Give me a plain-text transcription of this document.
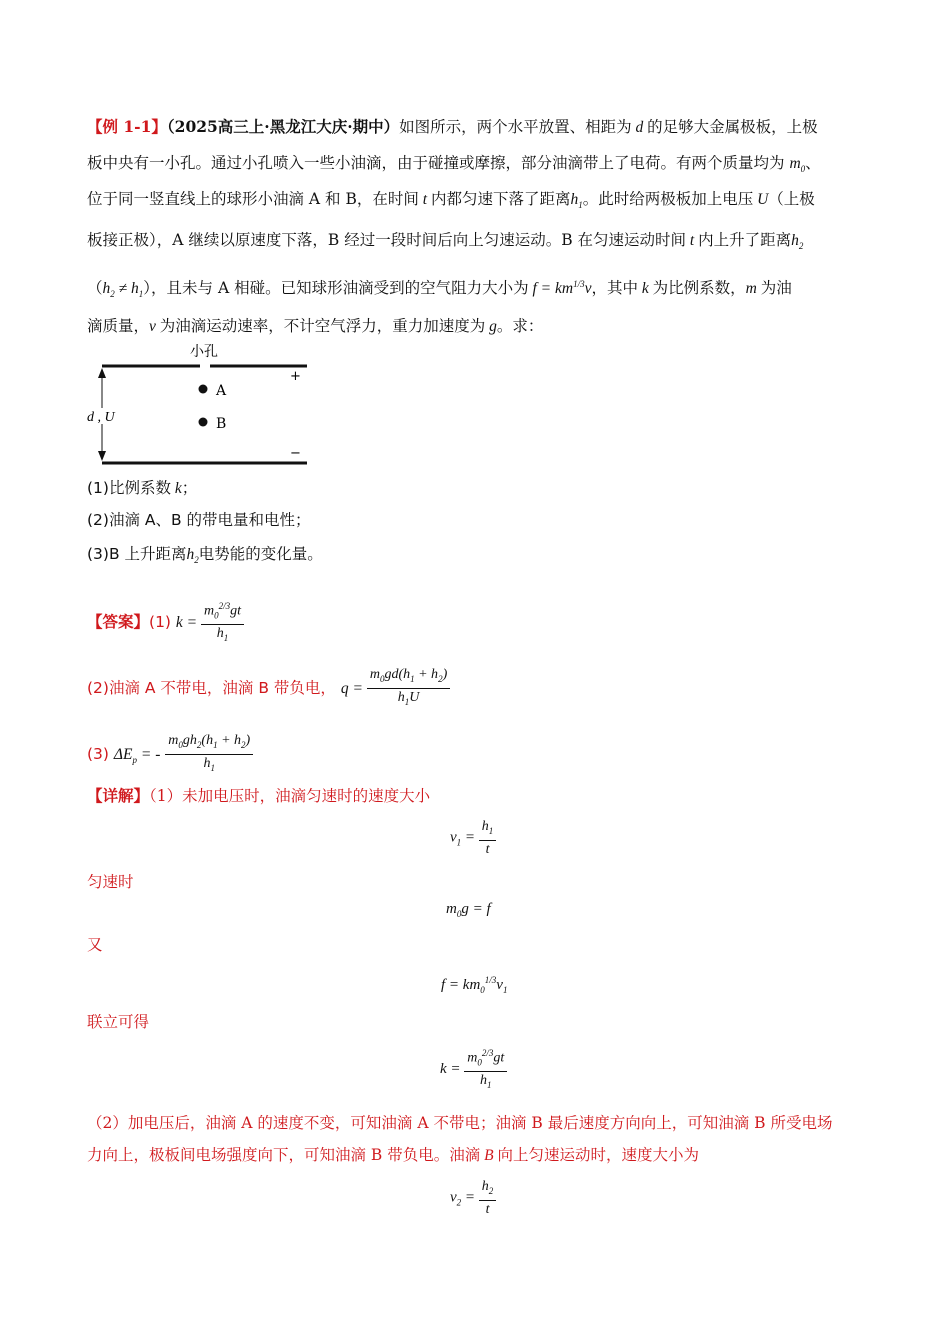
【例 1-1】（2025高三上·黑龙江大庆·期中）如图所示，两个水平放置、相距为 d 的足够大金属极板，上极
板中央有一小孔。通过小孔喷入一些小油滴，由于碰撞或摩擦，部分油滴带上了电荷。有两个质量均为 $m_0$、
位于同一竖直线上的球形小油滴 A 和 B，在时间 t 内都匀速下落了距离$h_1$。此时给两极板加上电压 U（上极
板接正极），A 继续以原速度下落，B 经过一段时间后向上匀速运动。B 在匀速运动时间 t 内上升了距离$h_2$
$(h_2 \ne h_1)$，且未与 A 相碰。已知球形油滴受到的空气阻力大小为 $f = km^{1/3}v$，其中 k 为比例系数，m 为油
滴质量，v 为油滴运动速率，不计空气浮力，重力加速度为 g。求：
小孔
+
−
A
B
d , U
(1)比例系数 k；
(2)油滴 A、B 的带电量和电性；
(3)B 上升距离$h_2$电势能的变化量。
【答案】(1) $k = \frac{m_0^{2/3}gt}{h_1}$
(2)油滴 A 不带电，油滴 B 带负电， $q = \frac{m_0gd(h_1 + h_2)}{h_1U}$
(3) $\Delta E_p$ = - $\frac{m_0gh_2(h_1 + h_2)}{h_1}$
【详解】（1）未加电压时，油滴匀速时的速度大小
$v_1 = \frac{h_1}{t}$
匀速时
$m_0g = f$
又
$f = km_0^{1/3}v_1$
联立可得
$k = \frac{m_0^{2/3}gt}{h_1}$
（2）加电压后，油滴 A 的速度不变，可知油滴 A 不带电；油滴 B 最后速度方向向上，可知油滴 B 所受电场
力向上，极板间电场强度向下，可知油滴 B 带负电。油滴 B 向上匀速运动时，速度大小为
$v_2 = \frac{h_2}{t}$
